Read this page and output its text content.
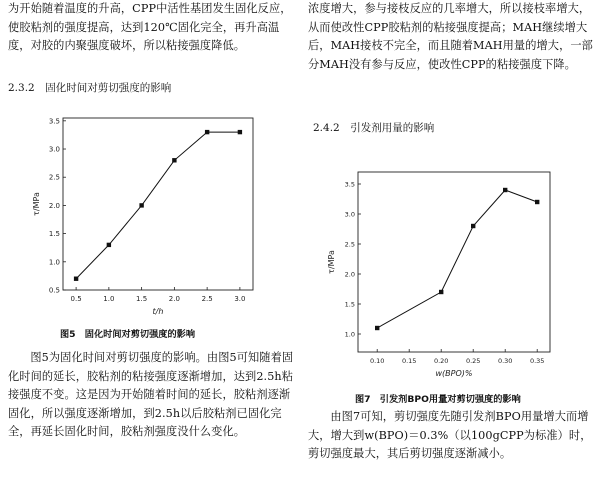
为开始随着温度的升高，CPP中活性基团发生固化反应，使胶粘剂的强度提高，达到120℃固化完全，再升高温度，对胶的内聚强度破坏，所以粘接强度降低。
2.3.2　固化时间对剪切强度的影响
0.5	1.0	1.5	2.0	2.5	3.0
0.5
1.0
1.5
2.0
2.5
3.0
3.5
t/h
τ/MPa
图5　固化时间对剪切强度的影响
图5为固化时间对剪切强度的影响。由图5可知随着固化时间的延长，胶粘剂的粘接强度逐渐增加，达到2.5h粘接强度不变。这是因为开始随着时间的延长，胶粘剂逐渐固化，所以强度逐渐增加，到2.5h以后胶粘剂已固化完全，再延长固化时间，胶粘剂强度没什么变化。
浓度增大，参与接枝反应的几率增大，所以接枝率增大，从而使改性CPP胶粘剂的粘接强度提高；MAH继续增大后，MAH接枝不完全，而且随着MAH用量的增大，一部分MAH没有参与反应，使改性CPP的粘接强度下降。
2.4.2　引发剂用量的影响
0.10	0.15	0.20	0.25	0.30	0.35
1.0
1.5
2.0
2.5
3.0
3.5
w(BPO)%
τ/MPa
图7　引发剂BPO用量对剪切强度的影响
由图7可知，剪切强度先随引发剂BPO用量增大而增大，增大到w(BPO)＝0.3%（以100gCPP为标准）时，剪切强度最大，其后剪切强度逐渐减小。
